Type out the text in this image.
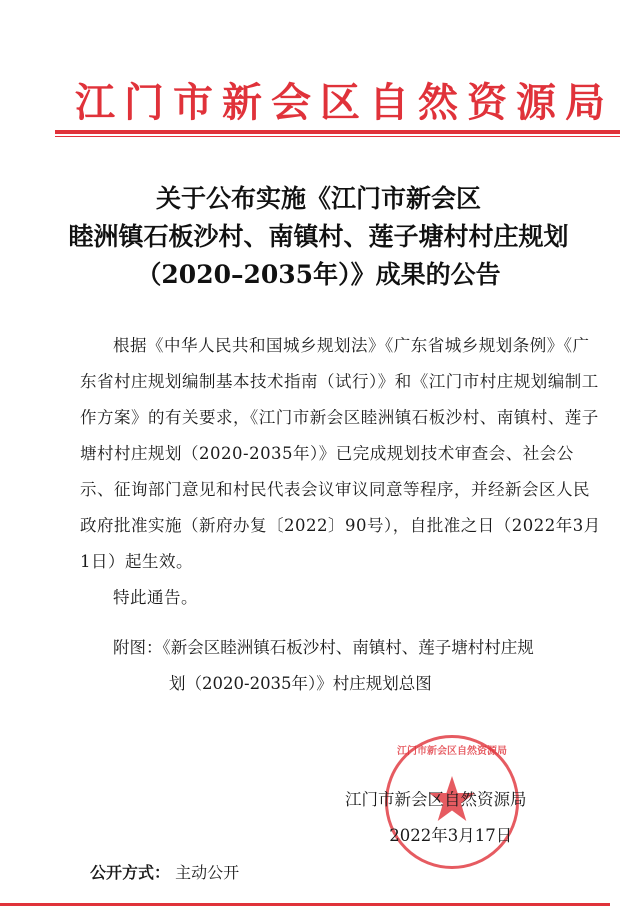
江门市新会区自然资源局
关于公布实施《江门市新会区
睦洲镇石板沙村、南镇村、莲子塘村村庄规划
（2020–2035年）》成果的公告

根据《中华人民共和国城乡规划法》《广东省城乡规划条例》《广东省村庄规划编制基本技术指南（试行）》和《江门市村庄规划编制工作方案》的有关要求，《江门市新会区睦洲镇石板沙村、南镇村、莲子塘村村庄规划（2020-2035年）》已完成规划技术审查会、社会公示、征询部门意见和村民代表会议审议同意等程序，并经新会区人民政府批准实施（新府办复〔2022〕90号），自批准之日（2022年3月1日）起生效。

特此通告。

附图：《新会区睦洲镇石板沙村、南镇村、莲子塘村村庄规
划（2020-2035年）》村庄规划总图
江门市新会区自然资源局
江门市新会区自然资源局
2022年3月17日
公开方式： 主动公开
